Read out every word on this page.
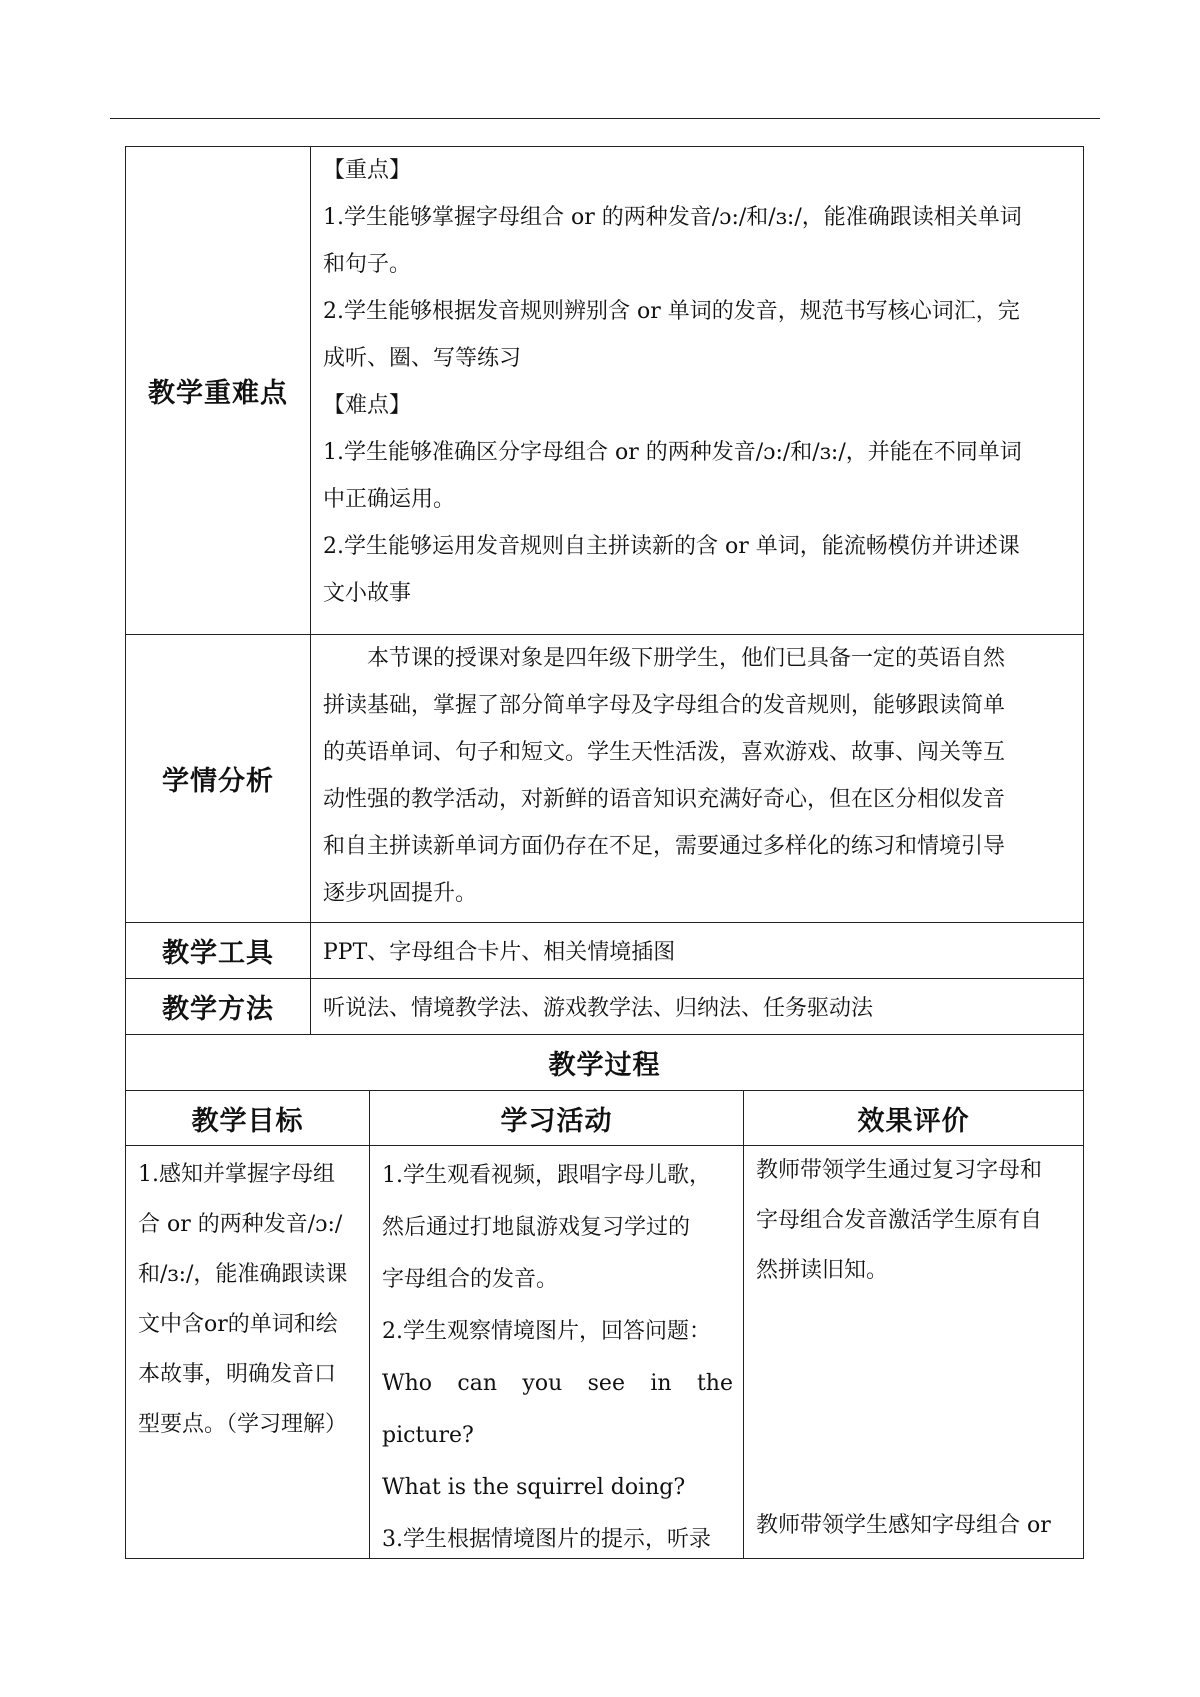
教学重难点

【重点】

1.学生能够掌握字母组合 or 的两种发音/ɔ:/和/ɜ:/，能准确跟读相关单词

和句子。

2.学生能够根据发音规则辨别含 or 单词的发音，规范书写核心词汇，完

成听、圈、写等练习

【难点】

1.学生能够准确区分字母组合 or 的两种发音/ɔ:/和/ɜ:/，并能在不同单词

中正确运用。

2.学生能够运用发音规则自主拼读新的含 or 单词，能流畅模仿并讲述课

文小故事

学情分析

本节课的授课对象是四年级下册学生，他们已具备一定的英语自然

拼读基础，掌握了部分简单字母及字母组合的发音规则，能够跟读简单

的英语单词、句子和短文。学生天性活泼，喜欢游戏、故事、闯关等互

动性强的教学活动，对新鲜的语音知识充满好奇心，但在区分相似发音

和自主拼读新单词方面仍存在不足，需要通过多样化的练习和情境引导

逐步巩固提升。

教学工具 PPT、字母组合卡片、相关情境插图
教学方法 听说法、情境教学法、游戏教学法、归纳法、任务驱动法
教学过程
教学目标	学习活动	效果评价

1.感知并掌握字母组

合 or 的两种发音/ɔ:/

和/ɜ:/，能准确跟读课

文中含or的单词和绘

本故事，明确发音口

型要点。（学习理解）

1.学生观看视频，跟唱字母儿歌，

然后通过打地鼠游戏复习学过的

字母组合的发音。

2.学生观察情境图片，回答问题：

Who can you see in the picture?

What is the squirrel doing?

3.学生根据情境图片的提示，听录

教师带领学生通过复习字母和

字母组合发音激活学生原有自

然拼读旧知。

教师带领学生感知字母组合 or
